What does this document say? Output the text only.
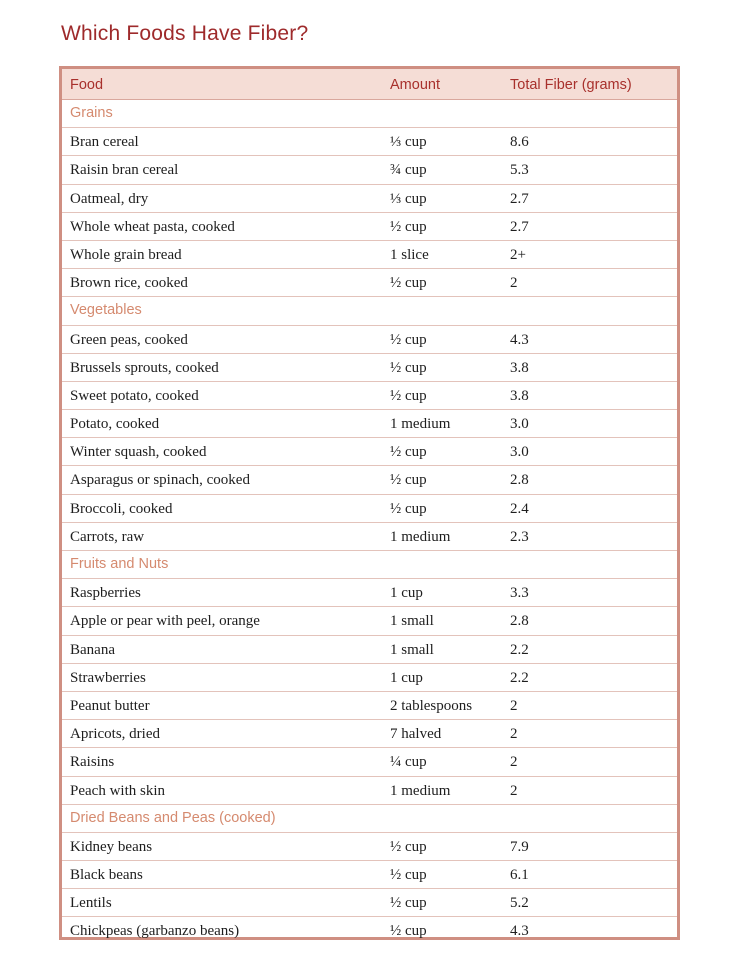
Which Foods Have Fiber?
Food	Amount	Total Fiber (grams)
Grains
Bran cereal	⅓ cup	8.6
Raisin bran cereal	¾ cup	5.3
Oatmeal, dry	⅓ cup	2.7
Whole wheat pasta, cooked	½ cup	2.7
Whole grain bread	1 slice	2+
Brown rice, cooked	½ cup	2
Vegetables
Green peas, cooked	½ cup	4.3
Brussels sprouts, cooked	½ cup	3.8
Sweet potato, cooked	½ cup	3.8
Potato, cooked	1 medium	3.0
Winter squash, cooked	½ cup	3.0
Asparagus or spinach, cooked	½ cup	2.8
Broccoli, cooked	½ cup	2.4
Carrots, raw	1 medium	2.3
Fruits and Nuts
Raspberries	1 cup	3.3
Apple or pear with peel, orange	1 small	2.8
Banana	1 small	2.2
Strawberries	1 cup	2.2
Peanut butter	2 tablespoons	2
Apricots, dried	7 halved	2
Raisins	¼ cup	2
Peach with skin	1 medium	2
Dried Beans and Peas (cooked)
Kidney beans	½ cup	7.9
Black beans	½ cup	6.1
Lentils	½ cup	5.2
Chickpeas (garbanzo beans)	½ cup	4.3
